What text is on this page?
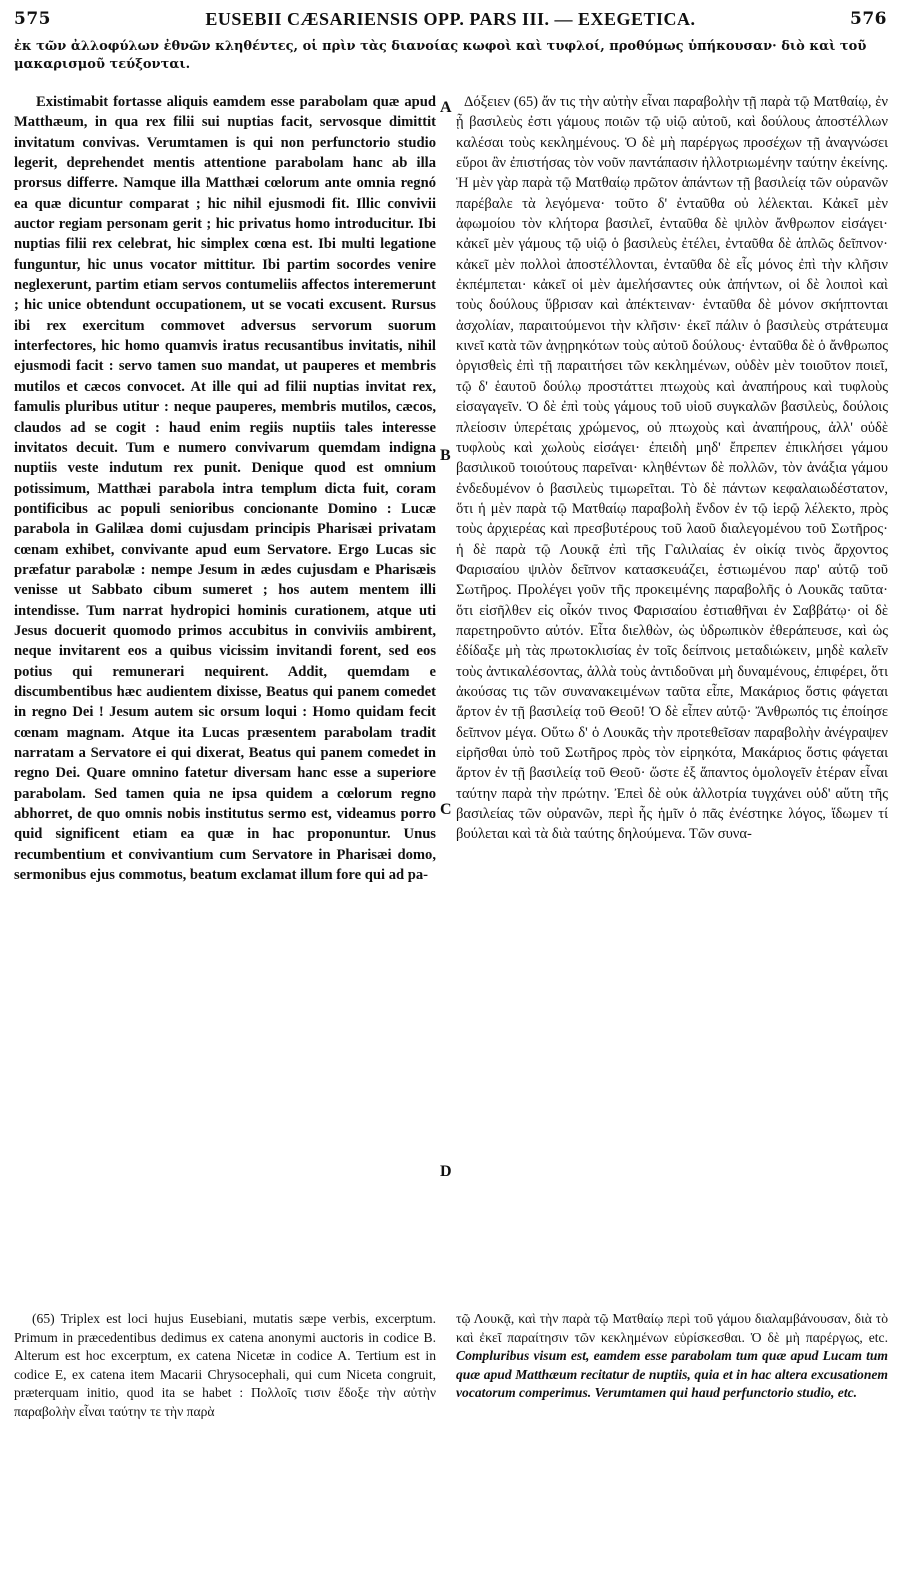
575	EUSEBII CÆSARIENSIS OPP. PARS III. — EXEGETICA.	576
ἐκ τῶν ἀλλοφύλων ἐθνῶν κληθέντες, οἱ πρὶν τὰς διανοίας κωφοὶ καὶ τυφλοί, προθύμως ὑπήκουσαν· διὸ καὶ τοῦ μακαρισμοῦ τεύξονται.

Existimabit fortasse aliquis eamdem esse parabolam quæ apud Matthæum, in qua rex filii sui nuptias facit, servosque dimittit invitatum convivas. Verumtamen is qui non perfunctorio studio legerit, deprehendet mentis attentione parabolam hanc ab illa prorsus differre. Namque illa Matthæi cœlorum ante omnia regnó ea quæ dicuntur comparat ; hic nihil ejusmodi fit. Illic convivii auctor regiam personam gerit ; hic privatus homo introducitur. Ibi nuptias filii rex celebrat, hic simplex cœna est. Ibi multi legatione funguntur, hic unus vocator mittitur. Ibi partim socordes venire neglexerunt, partim etiam servos contumeliis affectos interemerunt ; hic unice obtendunt occupationem, ut se vocati excusent. Rursus ibi rex exercitum commovet adversus servorum suorum interfectores, hic homo quamvis iratus recusantibus invitatis, nihil ejusmodi facit : servo tamen suo mandat, ut pauperes et membris mutilos et cæcos convocet. At ille qui ad filii nuptias invitat rex, famulis pluribus utitur : neque pauperes, membris mutilos, cæcos, claudos ad se cogit : haud enim regiis nuptiis tales interesse invitatos decuit. Tum e numero convivarum quemdam indigna nuptiis veste indutum rex punit. Denique quod est omnium potissimum, Matthæi parabola intra templum dicta fuit, coram pontificibus ac populi senioribus concionante Domino : Lucæ parabola in Galilæa domi cujusdam principis Pharisæi privatam cœnam exhibet, convivante apud eum Servatore. Ergo Lucas sic præfatur parabolæ : nempe Jesum in ædes cujusdam e Pharisæis venisse ut Sabbato cibum sumeret ; hos autem mentem illi intendisse. Tum narrat hydropici hominis curationem, atque uti Jesus docuerit quomodo primos accubitus in conviviis ambirent, neque invitarent eos a quibus vicissim invitandi forent, sed eos potius qui remunerari nequirent. Addit, quemdam e discumbentibus hæc audientem dixisse, Beatus qui panem comedet in regno Dei ! Jesum autem sic orsum loqui : Homo quidam fecit cœnam magnam. Atque ita Lucas præsentem parabolam tradit narratam a Servatore ei qui dixerat, Beatus qui panem comedet in regno Dei. Quare omnino fatetur diversam hanc esse a superiore parabolam. Sed tamen quia ne ipsa quidem a cœlorum regno abhorret, de quo omnis nobis institutus sermo est, videamus porro quid significent etiam ea quæ in hac proponuntur. Unus recumbentium et convivantium cum Servatore in Pharisæi domo, sermonibus ejus commotus, beatum exclamat illum fore qui ad pa-

A
B
C
D

Δόξειεν (65) ἄν τις τὴν αὐτὴν εἶναι παραβολὴν τῇ παρὰ τῷ Ματθαίῳ, ἐν ᾗ βασιλεὺς ἐστι γάμους ποιῶν τῷ υἱῷ αὐτοῦ, καὶ δούλους ἀποστέλλων καλέσαι τοὺς κεκλημένους. Ὁ δὲ μὴ παρέργως προσέχων τῇ ἀναγνώσει εὕροι ἂν ἐπιστήσας τὸν νοῦν παντάπασιν ἠλλοτριωμένην ταύτην ἐκείνης. Ἡ μὲν γὰρ παρὰ τῷ Ματθαίῳ πρῶτον ἁπάντων τῇ βασιλείᾳ τῶν οὐρανῶν παρέβαλε τὰ λεγόμενα· τοῦτο δ' ἐνταῦθα οὐ λέλεκται. Κἀκεῖ μὲν ἀφωμοίου τὸν κλήτορα βασιλεῖ, ἐνταῦθα δὲ ψιλὸν ἄνθρωπον εἰσάγει· κἀκεῖ μὲν γάμους τῷ υἱῷ ὁ βασιλεὺς ἐτέλει, ἐνταῦθα δὲ ἁπλῶς δεῖπνον· κἀκεῖ μὲν πολλοὶ ἀποστέλλονται, ἐνταῦθα δὲ εἷς μόνος ἐπὶ τὴν κλῆσιν ἐκπέμπεται· κἀκεῖ οἱ μὲν ἀμελήσαντες οὐκ ἀπήντων, οἱ δὲ λοιποὶ καὶ τοὺς δούλους ὕβρισαν καὶ ἀπέκτειναν· ἐνταῦθα δὲ μόνον σκήπτονται ἀσχολίαν, παραιτούμενοι τὴν κλῆσιν· ἐκεῖ πάλιν ὁ βασιλεὺς στράτευμα κινεῖ κατὰ τῶν ἀνῃρηκότων τοὺς αὐτοῦ δούλους· ἐνταῦθα δὲ ὁ ἄνθρωπος ὀργισθεὶς ἐπὶ τῇ παραιτήσει τῶν κεκλημένων, οὐδὲν μὲν τοιοῦτον ποιεῖ, τῷ δ' ἑαυτοῦ δούλῳ προστάττει πτωχοὺς καὶ ἀναπήρους καὶ τυφλοὺς εἰσαγαγεῖν. Ὁ δὲ ἐπὶ τοὺς γάμους τοῦ υἱοῦ συγκαλῶν βασιλεὺς, δούλοις πλείοσιν ὑπερέταις χρώμενος, οὐ πτωχοὺς καὶ ἀναπήρους, ἀλλ' οὐδὲ τυφλοὺς καὶ χωλοὺς εἰσάγει· ἐπειδὴ μηδ' ἔπρεπεν ἐπικλήσει γάμου βασιλικοῦ τοιούτους παρεῖναι· κληθέντων δὲ πολλῶν, τὸν ἀνάξια γάμου ἐνδεδυμένον ὁ βασιλεὺς τιμωρεῖται. Τὸ δὲ πάντων κεφαλαιωδέστατον, ὅτι ἡ μὲν παρὰ τῷ Ματθαίῳ παραβολὴ ἔνδον ἐν τῷ ἱερῷ λέλεκτο, πρὸς τοὺς ἀρχιερέας καὶ πρεσβυτέρους τοῦ λαοῦ διαλεγομένου τοῦ Σωτῆρος· ἡ δὲ παρὰ τῷ Λουκᾷ ἐπὶ τῆς Γαλιλαίας ἐν οἰκίᾳ τινὸς ἄρχοντος Φαρισαίου ψιλὸν δεῖπνον κατασκευάζει, ἑστιωμένου παρ' αὐτῷ τοῦ Σωτῆρος. Προλέγει γοῦν τῆς προκειμένης παραβολῆς ὁ Λουκᾶς ταῦτα· ὅτι εἰσῆλθεν εἰς οἶκόν τινος Φαρισαίου ἐστιαθῆναι ἐν Σαββάτῳ· οἱ δὲ παρετηροῦντο αὐτόν. Εἶτα διελθὼν, ὡς ὑδρωπικὸν ἐθεράπευσε, καὶ ὡς ἐδίδαξε μὴ τὰς πρωτοκλισίας ἐν τοῖς δείπνοις μεταδιώκειν, μηδὲ καλεῖν τοὺς ἀντικαλέσοντας, ἀλλὰ τοὺς ἀντιδοῦναι μὴ δυναμένους, ἐπιφέρει, ὅτι ἀκούσας τις τῶν συνανακειμένων ταῦτα εἶπε, Μακάριος ὅστις φάγεται ἄρτον ἐν τῇ βασιλείᾳ τοῦ Θεοῦ! Ὁ δὲ εἶπεν αὐτῷ· Ἄνθρωπός τις ἐποίησε δεῖπνον μέγα. Οὕτω δ' ὁ Λουκᾶς τὴν προτεθεῖσαν παραβολὴν ἀνέγραψεν εἰρῆσθαι ὑπὸ τοῦ Σωτῆρος πρὸς τὸν εἰρηκότα, Μακάριος ὅστις φάγεται ἄρτον ἐν τῇ βασιλείᾳ τοῦ Θεοῦ· ὥστε ἐξ ἅπαντος ὁμολογεῖν ἑτέραν εἶναι ταύτην παρὰ τὴν πρώτην. Ἐπεὶ δὲ οὐκ ἀλλοτρία τυγχάνει οὐδ' αὕτη τῆς βασιλείας τῶν οὐρανῶν, περὶ ἧς ἡμῖν ὁ πᾶς ἐνέστηκε λόγος, ἴδωμεν τί βούλεται καὶ τὰ διὰ ταύτης δηλούμενα. Τῶν συνα-

(65) Triplex est loci hujus Eusebiani, mutatis sæpe verbis, excerptum. Primum in præcedentibus dedimus ex catena anonymi auctoris in codice B. Alterum est hoc excerptum, ex catena Nicetæ in codice A. Tertium est in codice E, ex catena item Macarii Chrysocephali, qui cum Niceta congruit, præterquam initio, quod ita se habet : Πολλοῖς τισιν ἔδοξε τὴν αὐτὴν παραβολὴν εἶναι ταύτην τε τὴν παρὰ

τῷ Λουκᾷ, καὶ τὴν παρὰ τῷ Ματθαίῳ περὶ τοῦ γάμου διαλαμβάνουσαν, διὰ τὸ καὶ ἐκεῖ παραίτησιν τῶν κεκλημένων εὑρίσκεσθαι. Ὁ δὲ μὴ παρέργως, etc. Compluribus visum est, eamdem esse parabolam tum quæ apud Lucam tum quæ apud Matthæum recitatur de nuptiis, quia et in hac altera excusationem vocatorum comperimus. Verumtamen qui haud perfunctorio studio, etc.
